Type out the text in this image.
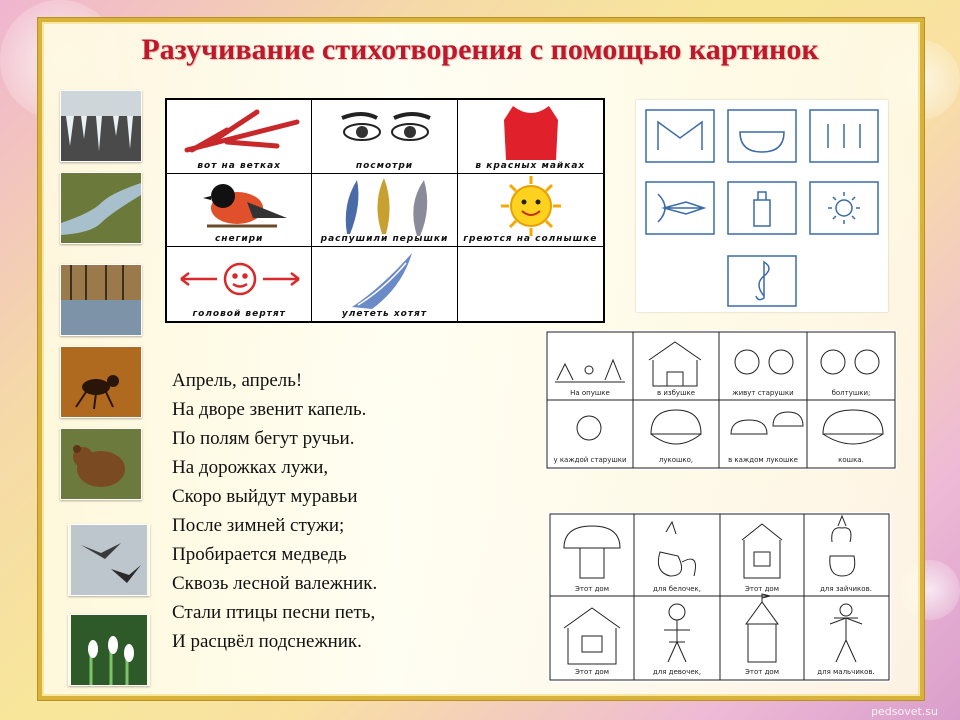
Разучивание стихотворения с помощью картинок
вот на ветках	посмотри	в красных майках
снегири	распушили перышки	греются на солнышке
головой вертят	улететь хотят
Апрель, апрель!
На дворе звенит капель.
По полям бегут ручьи.
На дорожках лужи,
Скоро выйдут муравьи
После зимней стужи;
Пробирается медведь
Сквозь лесной валежник.
Стали птицы песни петь,
И расцвёл подснежник.
На опушке	в избушке	живут старушки	болтушки;
у каждой старушки	лукошко,	в каждом лукошке	кошка.
Этот дом	для белочек,	Этот дом	для зайчиков.
Этот дом	для девочек,	Этот дом	для мальчиков.
pedsovet.su
